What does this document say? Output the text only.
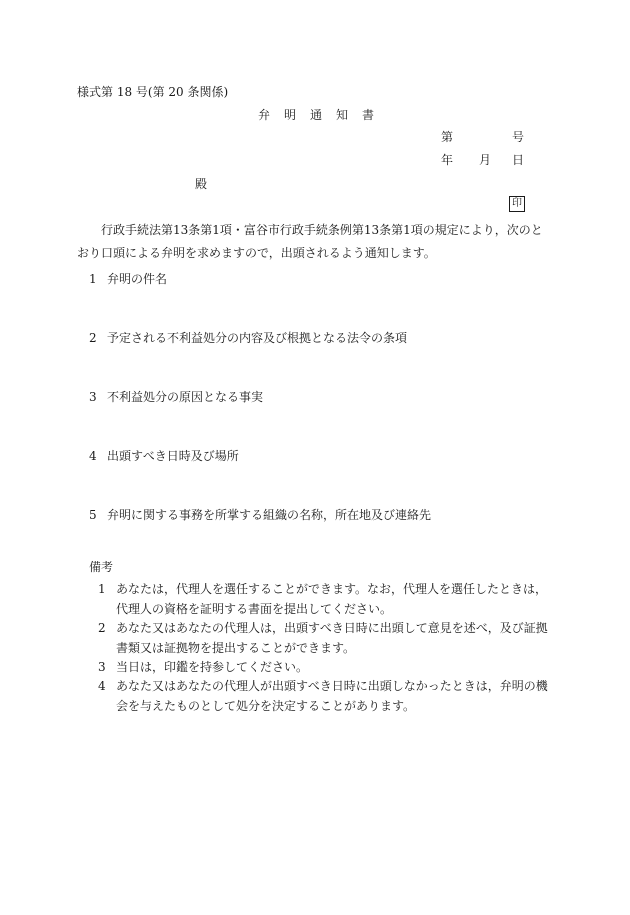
様式第 18 号(第 20 条関係)
弁　明　通　知　書
第	号
年 月 日
殿
印

行政手続法第13条第1項・富谷市行政手続条例第13条第1項の規定により，次のとおり口頭による弁明を求めますので，出頭されるよう通知します。

1 弁明の件名
2 予定される不利益処分の内容及び根拠となる法令の条項
3 不利益処分の原因となる事実
4 出頭すべき日時及び場所
5 弁明に関する事務を所掌する組織の名称，所在地及び連絡先
備考
1 あなたは，代理人を選任することができます。なお，代理人を選任したときは，代理人の資格を証明する書面を提出してください。
2 あなた又はあなたの代理人は，出頭すべき日時に出頭して意見を述べ，及び証拠書類又は証拠物を提出することができます。
3 当日は，印鑑を持参してください。
4 あなた又はあなたの代理人が出頭すべき日時に出頭しなかったときは，弁明の機会を与えたものとして処分を決定することがあります。
